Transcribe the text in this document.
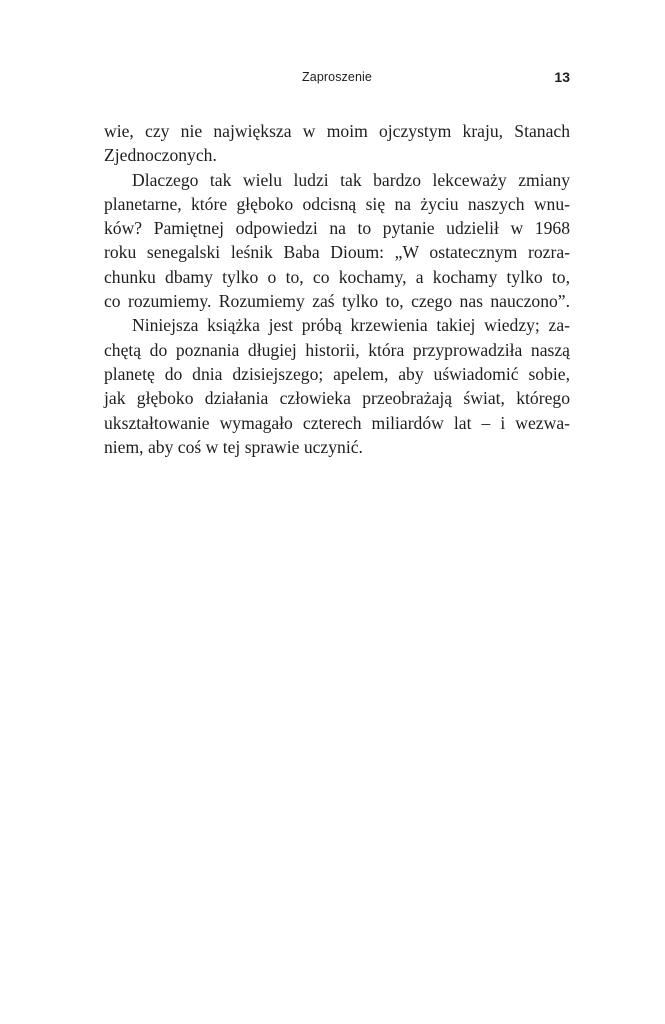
Zaproszenie	13
wie, czy nie największa w moim ojczystym kraju, Stanach
Zjednoczonych.
Dlaczego tak wielu ludzi tak bardzo lekceważy zmiany
planetarne, które głęboko odcisną się na życiu naszych wnu-
ków? Pamiętnej odpowiedzi na to pytanie udzielił w 1968
roku senegalski leśnik Baba Dioum: „W ostatecznym rozra-
chunku dbamy tylko o to, co kochamy, a kochamy tylko to,
co rozumiemy. Rozumiemy zaś tylko to, czego nas nauczono”.
Niniejsza książka jest próbą krzewienia takiej wiedzy; za-
chętą do poznania długiej historii, która przyprowadziła naszą
planetę do dnia dzisiejszego; apelem, aby uświadomić sobie,
jak głęboko działania człowieka przeobrażają świat, którego
ukształtowanie wymagało czterech miliardów lat – i wezwa-
niem, aby coś w tej sprawie uczynić.
